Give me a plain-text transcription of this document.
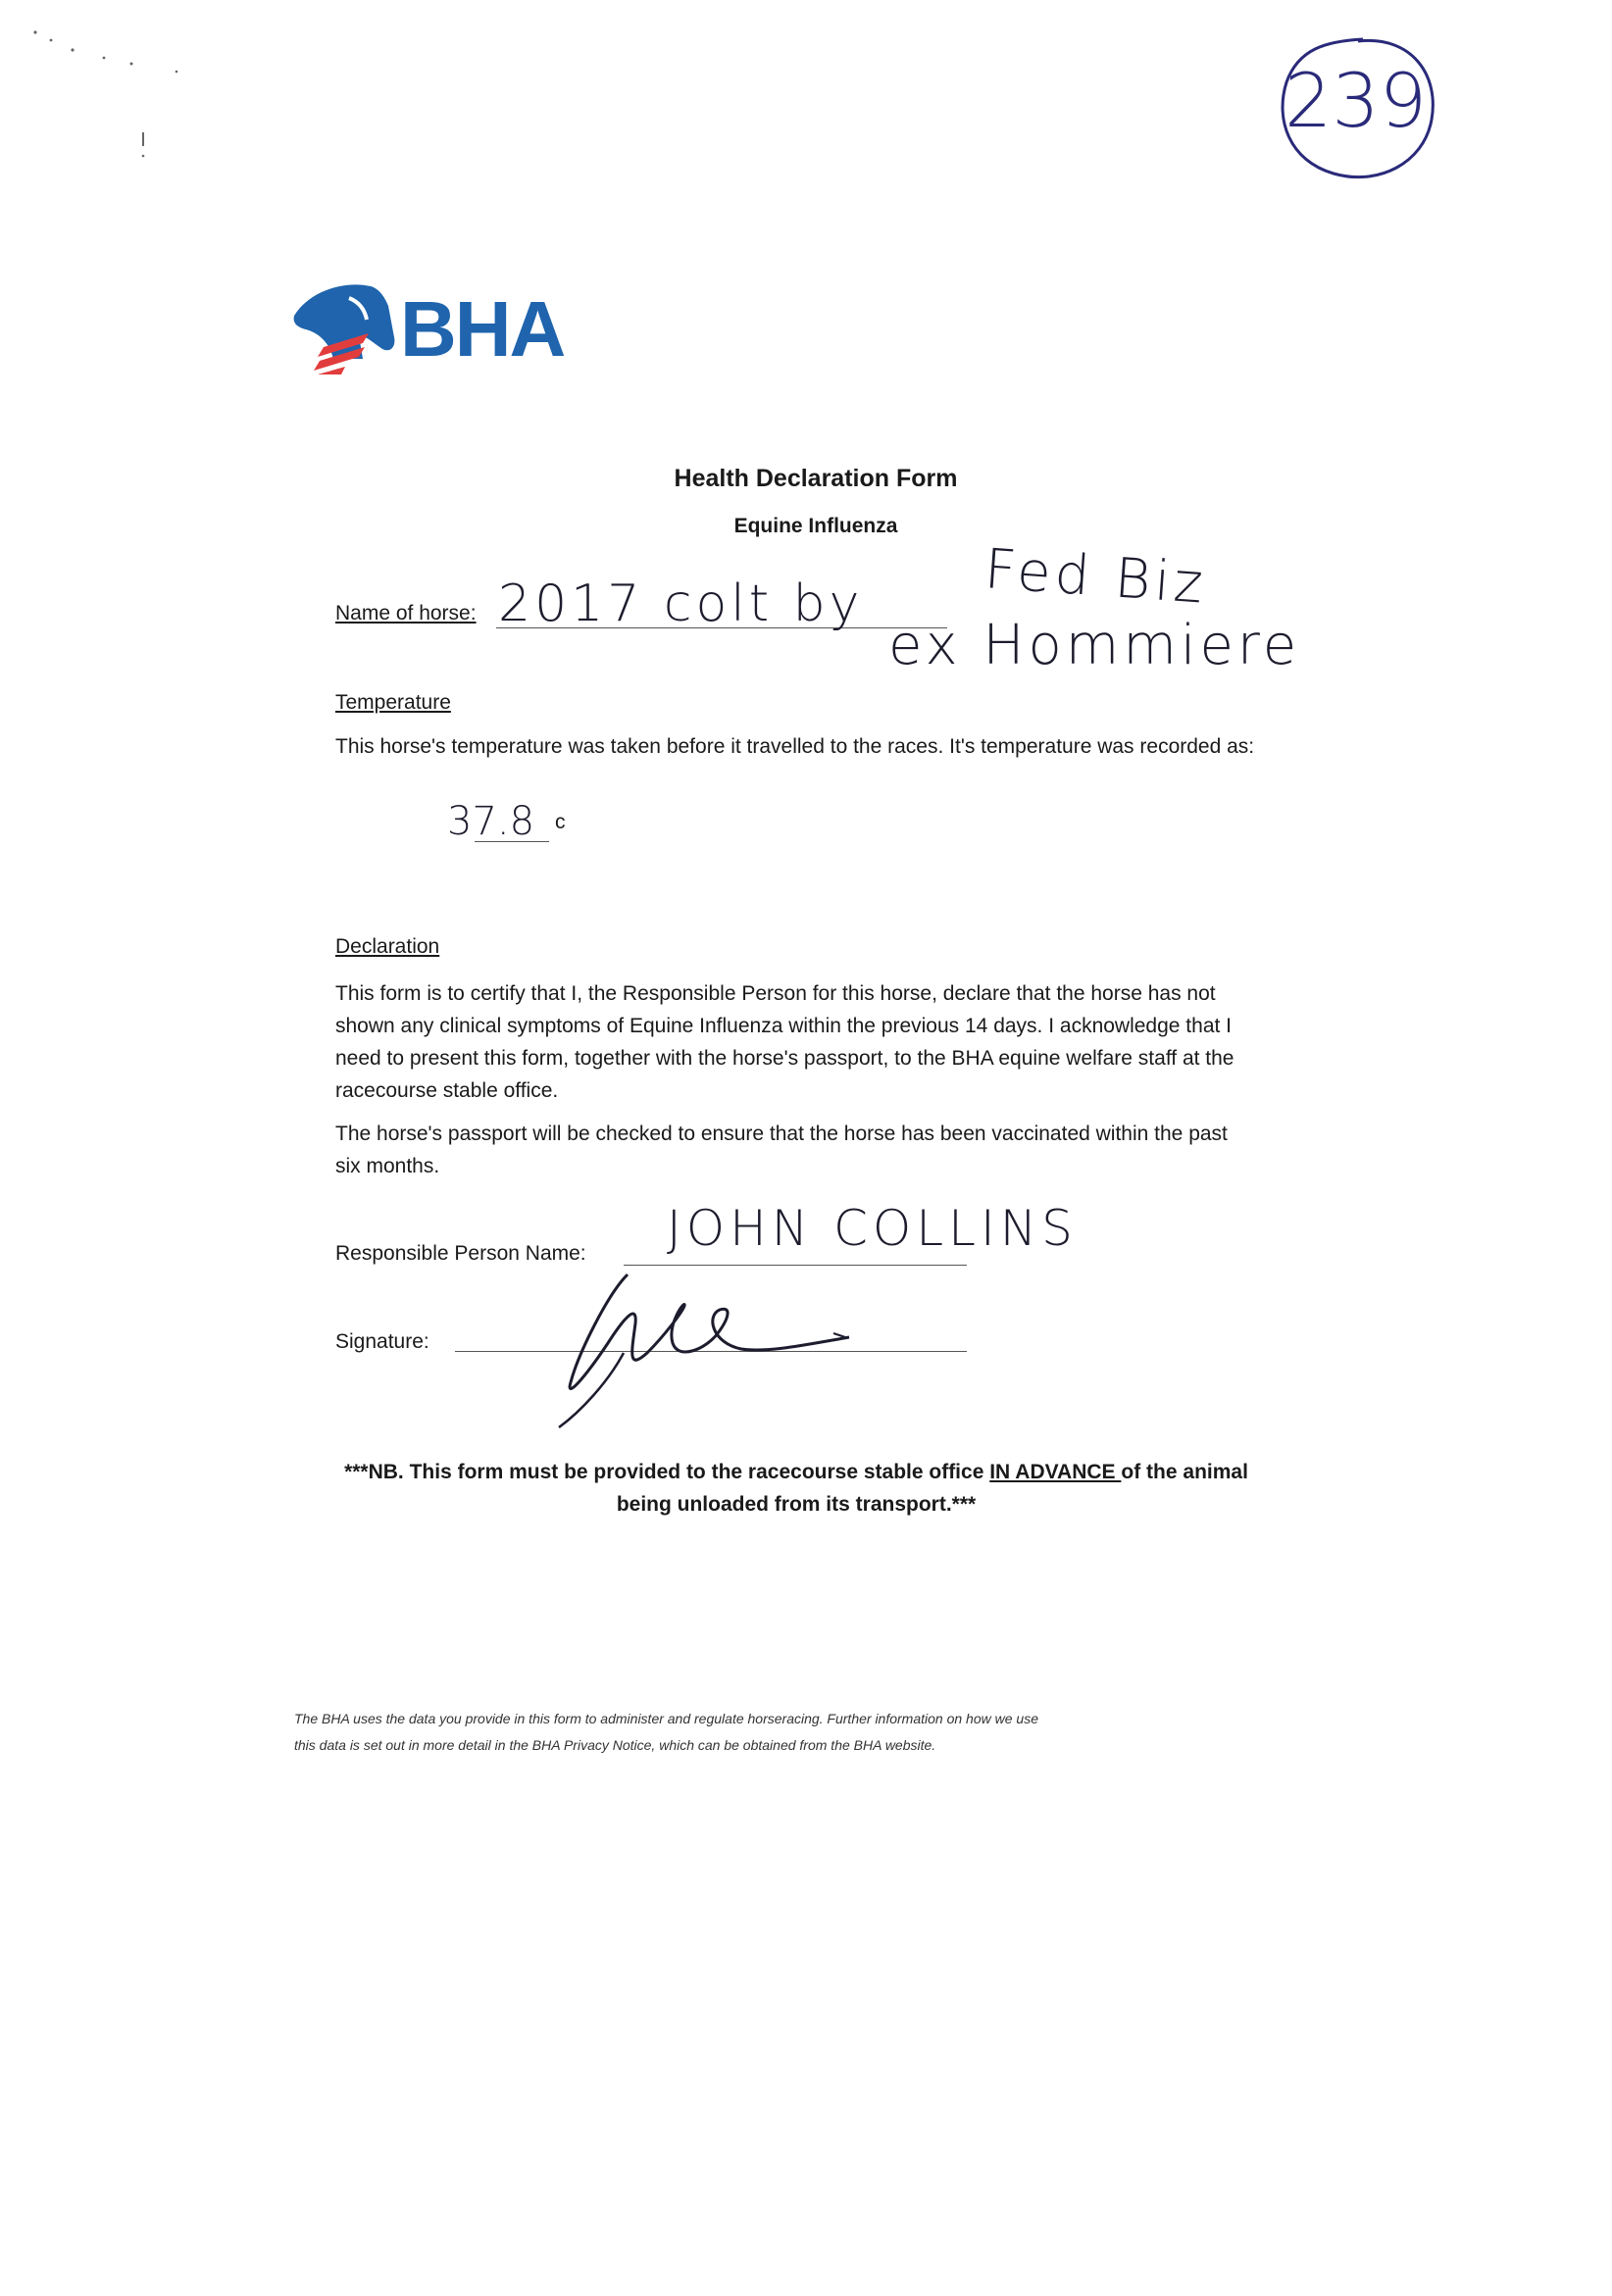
239
BHA
Health Declaration Form
Equine Influenza
Name of horse: 2017 colt by Fed Biz
ex Hommiere
Temperature
This horse's temperature was taken before it travelled to the races. It's temperature was recorded as:
37.8 c
Declaration
This form is to certify that I, the Responsible Person for this horse, declare that the horse has not shown any clinical symptoms of Equine Influenza within the previous 14 days. I acknowledge that I need to present this form, together with the horse's passport, to the BHA equine welfare staff at the racecourse stable office.
The horse's passport will be checked to ensure that the horse has been vaccinated within the past six months.
Responsible Person Name: JOHN COLLINS
Signature:
***NB. This form must be provided to the racecourse stable office IN ADVANCE of the animal being unloaded from its transport.***
The BHA uses the data you provide in this form to administer and regulate horseracing. Further information on how we use
this data is set out in more detail in the BHA Privacy Notice, which can be obtained from the BHA website.
